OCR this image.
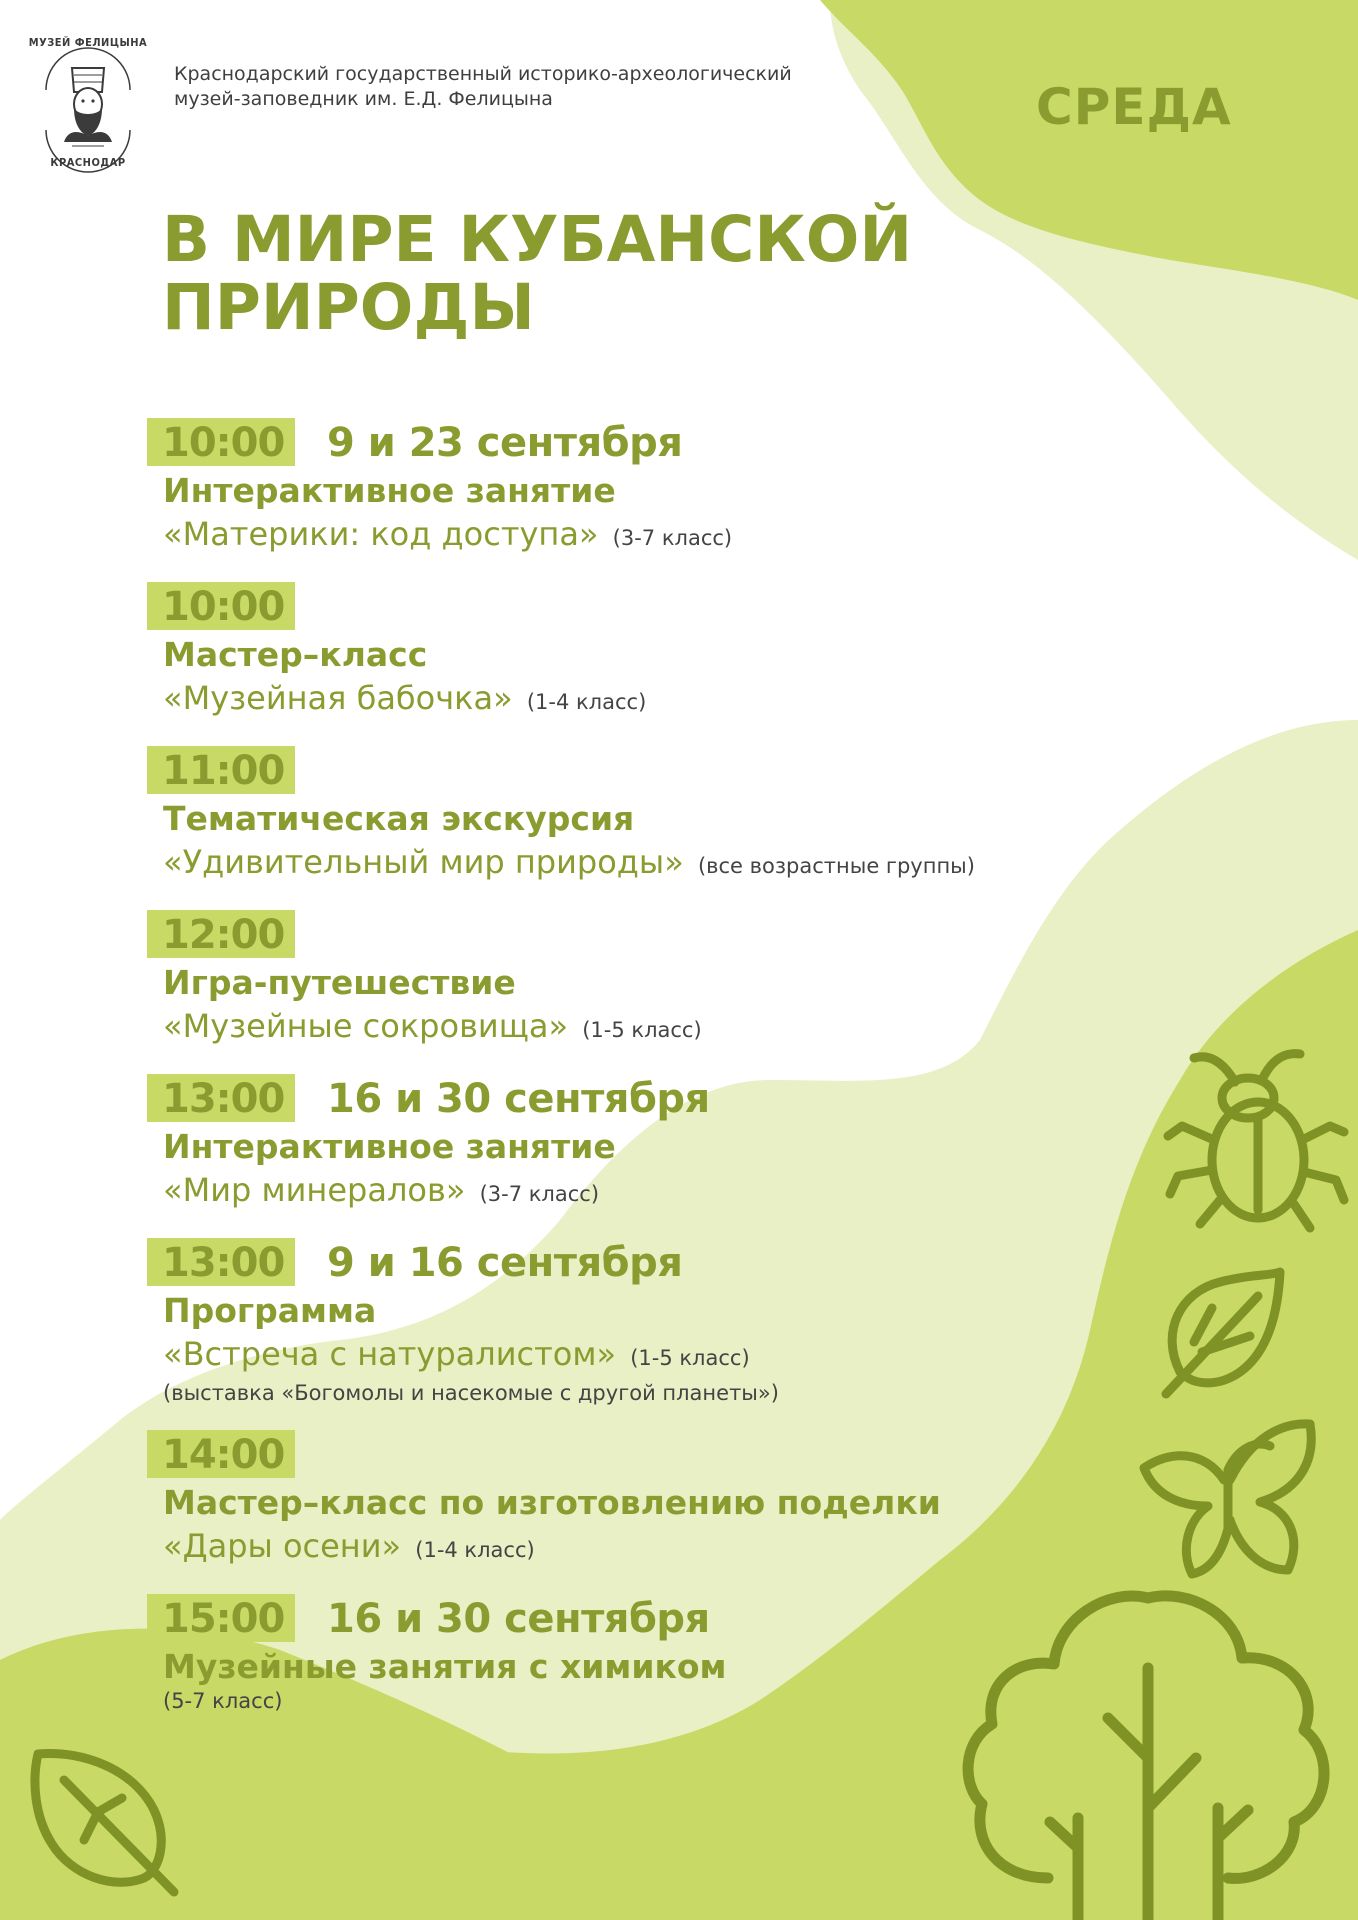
МУЗЕЙ ФЕЛИЦЫНА
КРАСНОДАР
Краснодарский государственный историко-археологический
музей-заповедник им. Е.Д. Фелицына	СРЕДА
В МИРЕ КУБАНСКОЙ
ПРИРОДЫ
10:00 9 и 23 сентября
Интерактивное занятие
«Материки: код доступа» (3-7 класс)
10:00
Мастер–класс
«Музейная бабочка» (1-4 класс)
11:00
Тематическая экскурсия
«Удивительный мир природы» (все возрастные группы)
12:00
Игра-путешествие
«Музейные сокровища» (1-5 класс)
13:00 16 и 30 сентября
Интерактивное занятие
«Мир минералов» (3-7 класс)
13:00 9 и 16 сентября
Программа
«Встреча с натуралистом» (1-5 класс)
(выставка «Богомолы и насекомые с другой планеты»)
14:00
Мастер–класс по изготовлению поделки
«Дары осени» (1-4 класс)
15:00 16 и 30 сентября
Музейные занятия с химиком
(5-7 класс)
